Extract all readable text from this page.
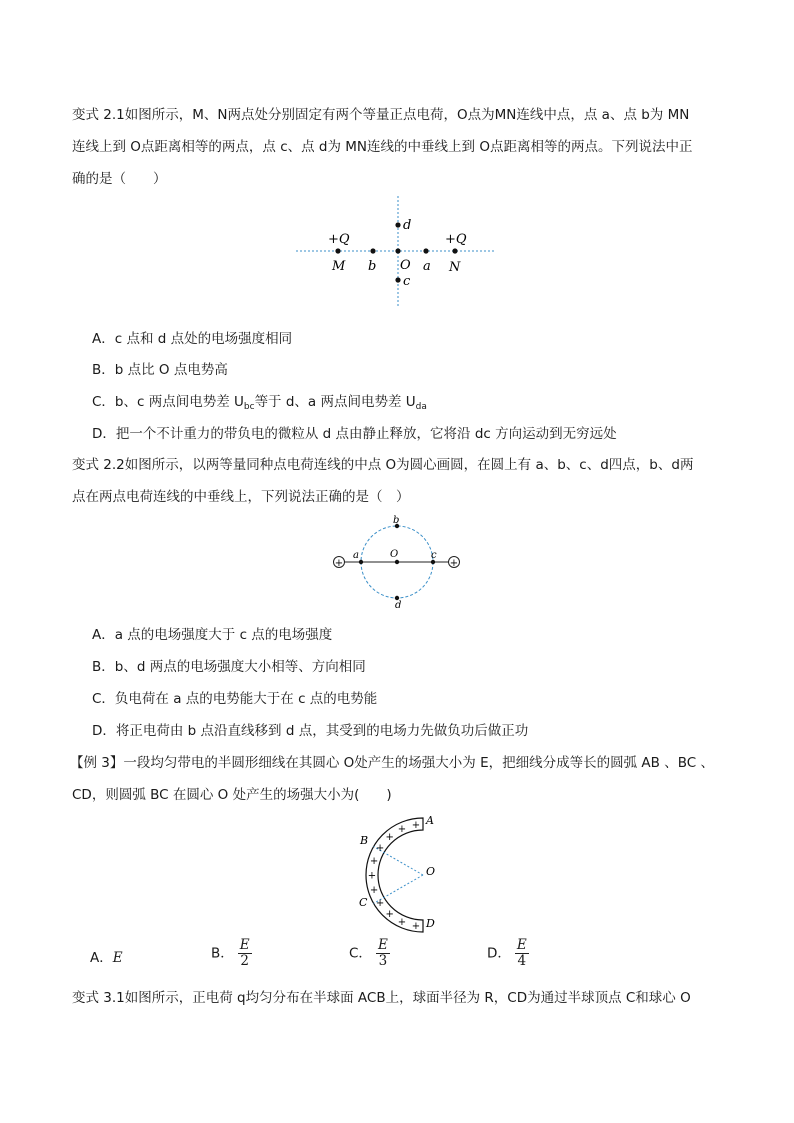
变式 2.1如图所示，M、N两点处分别固定有两个等量正点电荷，O点为MN连线中点，点 a、点 b为 MN
连线上到 O点距离相等的两点，点 c、点 d为 MN连线的中垂线上到 O点距离相等的两点。下列说法中正
确的是（　　）
+Q	+Q
M b O a N
d
c
A．c 点和 d 点处的电场强度相同
B．b 点比 O 点电势高
C．b、c 两点间电势差 $U_{bc}$等于 d、a 两点间电势差 $U_{da}$
D．把一个不计重力的带负电的微粒从 d 点由静止释放，它将沿 dc 方向运动到无穷远处
变式 2.2如图所示，以两等量同种点电荷连线的中点 O为圆心画圆，在圆上有 a、b、c、d四点，b、d两
点在两点电荷连线的中垂线上，下列说法正确的是（　）
+	+
a	O	c
b
d
A．a 点的电场强度大于 c 点的电场强度
B．b、d 两点的电场强度大小相等、方向相同
C．负电荷在 a 点的电势能大于在 c 点的电势能
D．将正电荷由 b 点沿直线移到 d 点，其受到的电场力先做负功后做正功
【例 3】一段均匀带电的半圆形细线在其圆心 O处产生的场强大小为 E，把细线分成等长的圆弧 AB 、BC 、
CD，则圆弧 BC 在圆心 O 处产生的场强大小为(　　)
+
+
+
+
+
+
+
+
+
+ +
A
B
C
D
O
A．E	B． $\frac{E}{2}$	C． $\frac{E}{3}$	D． $\frac{E}{4}$
变式 3.1如图所示，正电荷 q均匀分布在半球面 ACB上，球面半径为 R，CD为通过半球顶点 C和球心 O
